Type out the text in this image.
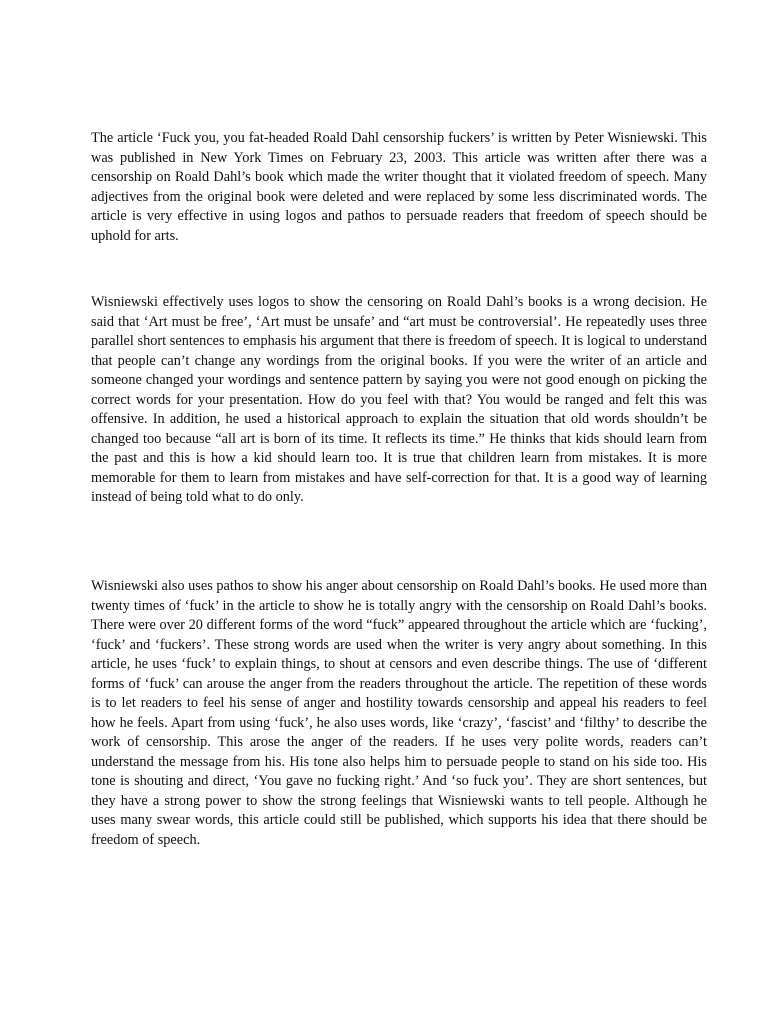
The article ‘Fuck you, you fat-headed Roald Dahl censorship fuckers’ is written by Peter Wisniewski. This was published in New York Times on February 23, 2003. This article was written after there was a censorship on Roald Dahl’s book which made the writer thought that it violated freedom of speech. Many adjectives from the original book were deleted and were replaced by some less discriminated words. The article is very effective in using logos and pathos to persuade readers that freedom of speech should be uphold for arts.

Wisniewski effectively uses logos to show the censoring on Roald Dahl’s books is a wrong decision. He said that ‘Art must be free’, ‘Art must be unsafe’ and “art must be controversial’. He repeatedly uses three parallel short sentences to emphasis his argument that there is freedom of speech. It is logical to understand that people can’t change any wordings from the original books. If you were the writer of an article and someone changed your wordings and sentence pattern by saying you were not good enough on picking the correct words for your presentation. How do you feel with that? You would be ranged and felt this was offensive. In addition, he used a historical approach to explain the situation that old words shouldn’t be changed too because “all art is born of its time. It reflects its time.” He thinks that kids should learn from the past and this is how a kid should learn too. It is true that children learn from mistakes. It is more memorable for them to learn from mistakes and have self-correction for that. It is a good way of learning instead of being told what to do only.

Wisniewski also uses pathos to show his anger about censorship on Roald Dahl’s books. He used more than twenty times of ‘fuck’ in the article to show he is totally angry with the censorship on Roald Dahl’s books. There were over 20 different forms of the word “fuck” appeared throughout the article which are ‘fucking’, ‘fuck’ and ‘fuckers’. These strong words are used when the writer is very angry about something. In this article, he uses ‘fuck’ to explain things, to shout at censors and even describe things. The use of ‘different forms of ‘fuck’ can arouse the anger from the readers throughout the article. The repetition of these words is to let readers to feel his sense of anger and hostility towards censorship and appeal his readers to feel how he feels. Apart from using ‘fuck’, he also uses words, like ‘crazy’, ‘fascist’ and ‘filthy’ to describe the work of censorship. This arose the anger of the readers. If he uses very polite words, readers can’t understand the message from his. His tone also helps him to persuade people to stand on his side too. His tone is shouting and direct, ‘You gave no fucking right.’ And ‘so fuck you’. They are short sentences, but they have a strong power to show the strong feelings that Wisniewski wants to tell people. Although he uses many swear words, this article could still be published, which supports his idea that there should be freedom of speech.
